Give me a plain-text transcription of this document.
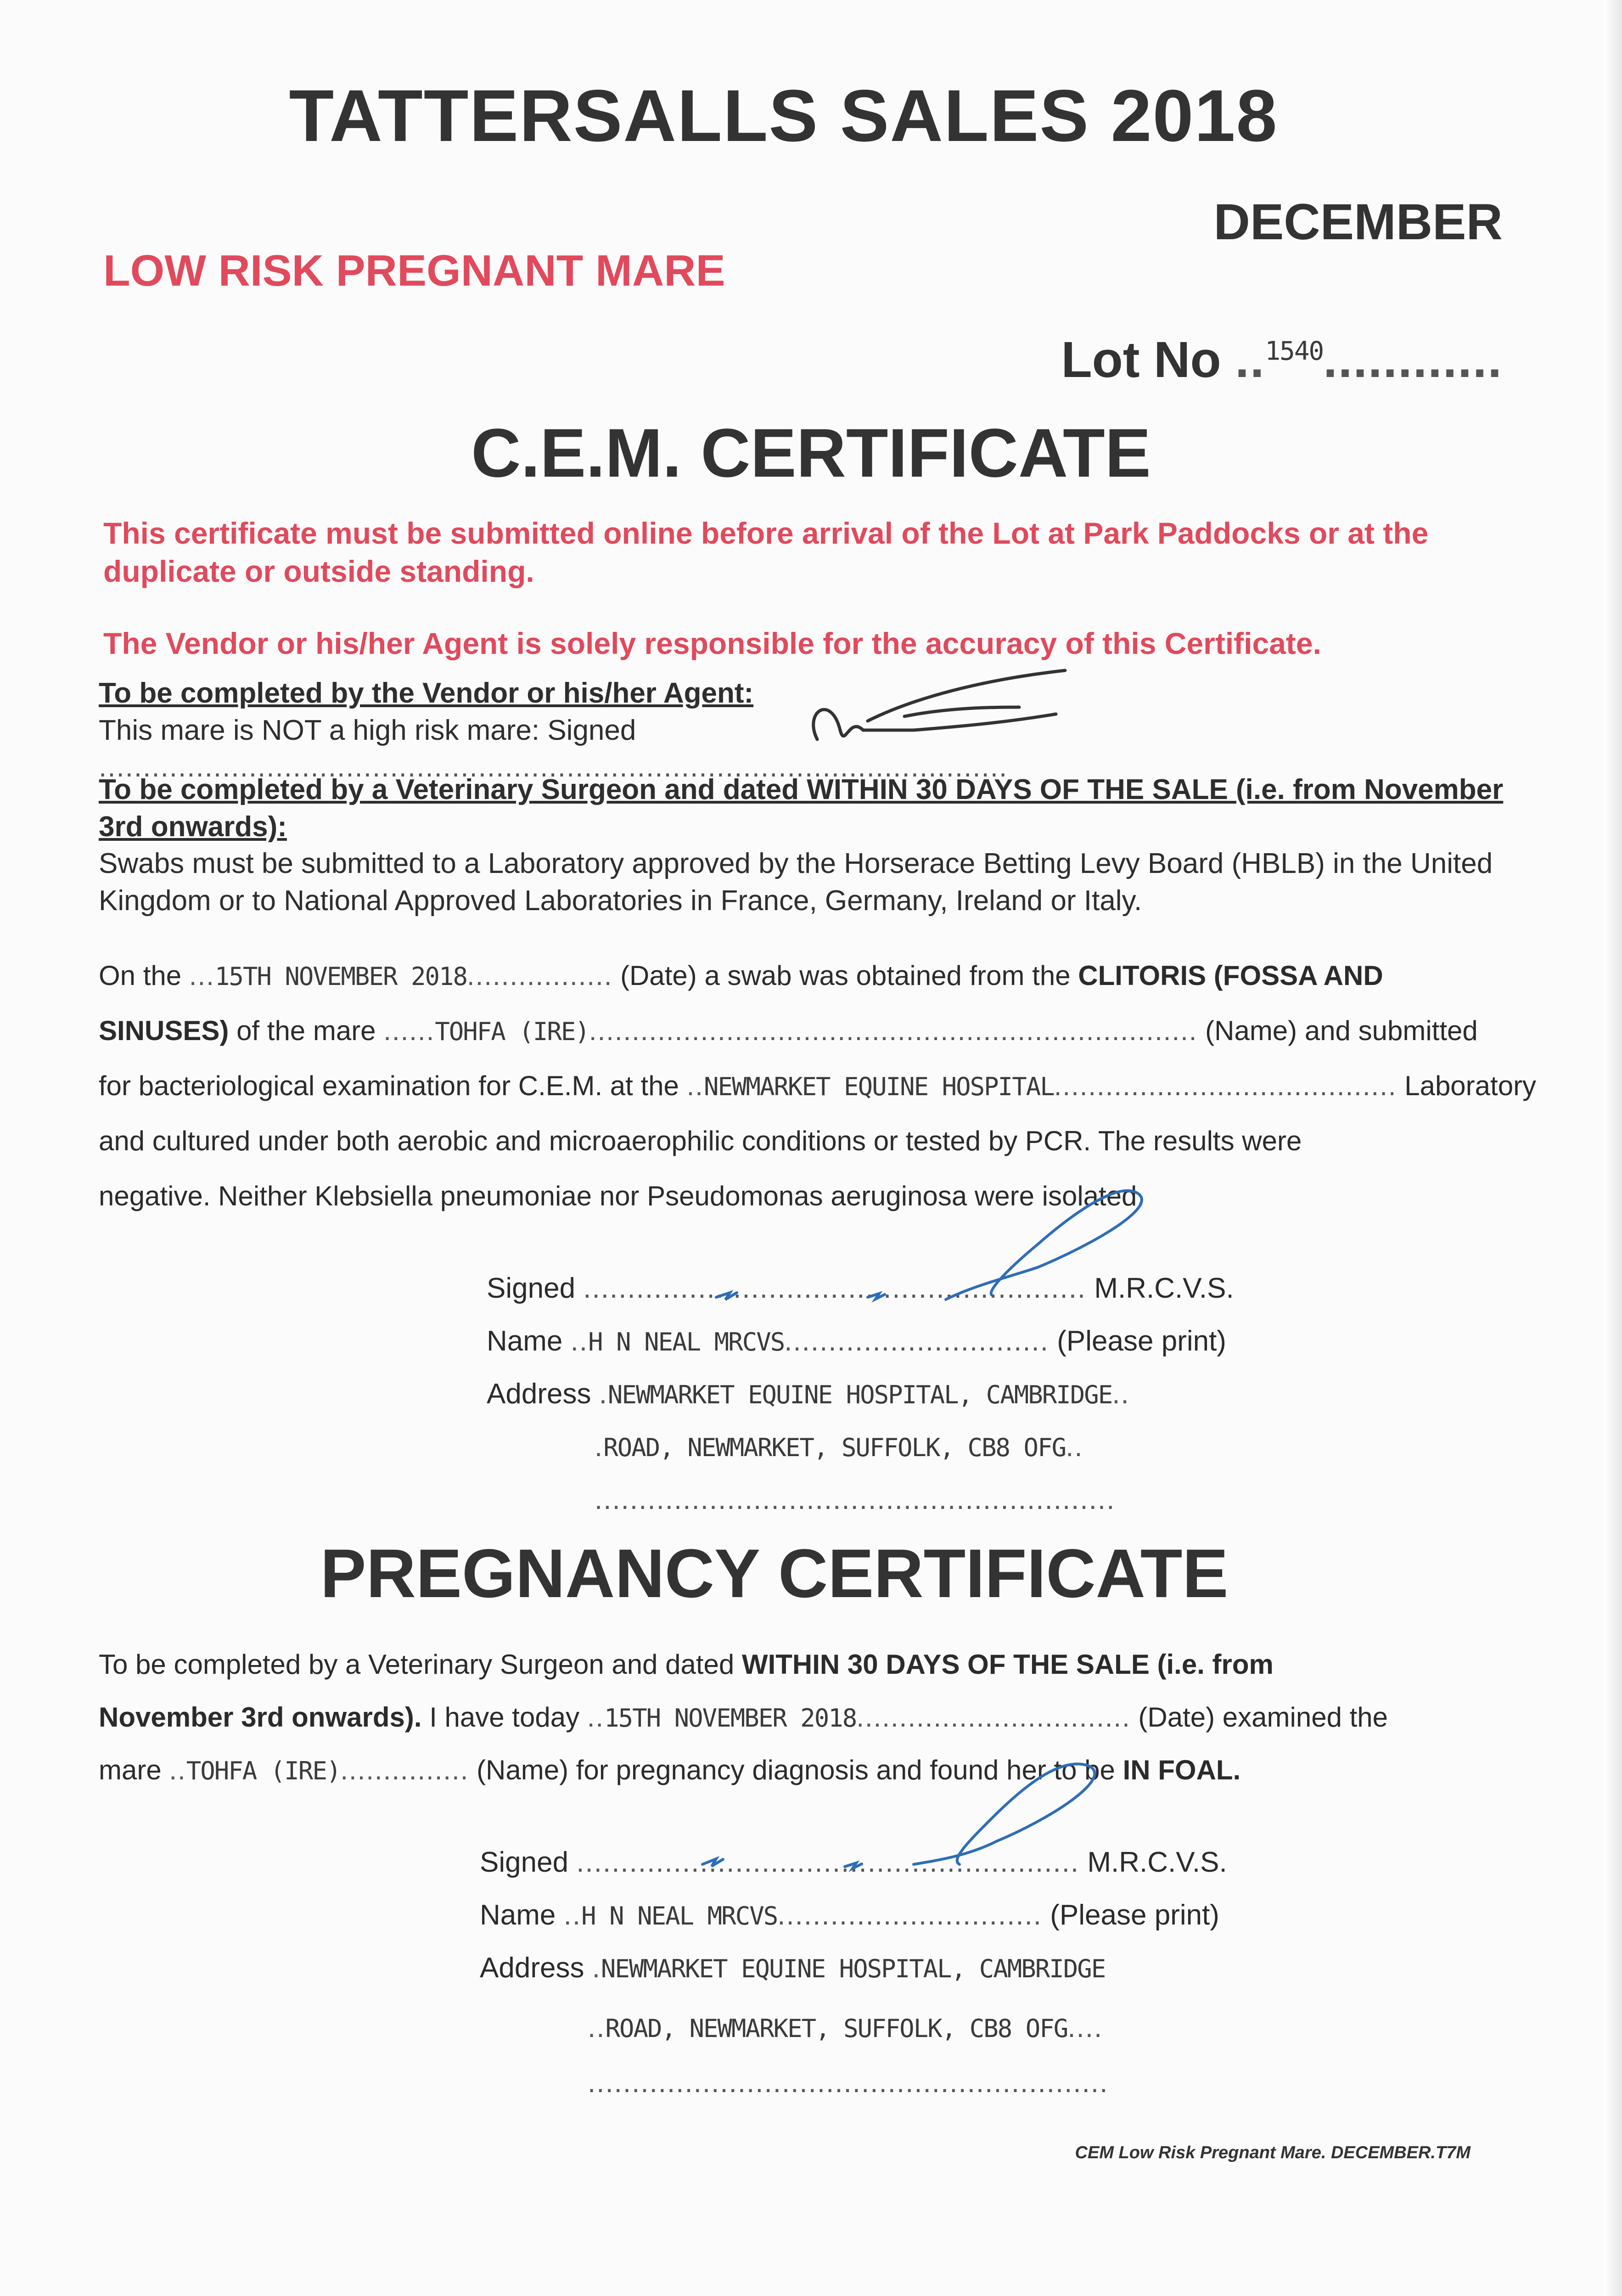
TATTERSALLS SALES 2018
DECEMBER
LOW RISK PREGNANT MARE
Lot No ..$^{1540}$............
C.E.M. CERTIFICATE
This certificate must be submitted online before arrival of the Lot at Park Paddocks or at the duplicate or outside standing.
The Vendor or his/her Agent is solely responsible for the accuracy of this Certificate.
To be completed by the Vendor or his/her Agent:
This mare is NOT a high risk mare: Signed .......................................................................................................
To be completed by a Veterinary Surgeon and dated WITHIN 30 DAYS OF THE SALE (i.e. from November 3rd onwards):
Swabs must be submitted to a Laboratory approved by the Horserace Betting Levy Board (HBLB) in the United Kingdom or to National Approved Laboratories in France, Germany, Ireland or Italy.
On the ...15TH NOVEMBER 2018................. (Date) a swab was obtained from the CLITORIS (FOSSA AND
SINUSES) of the mare ......TOHFA (IRE)....................................................................... (Name) and submitted
for bacteriological examination for C.E.M. at the ..NEWMARKET EQUINE HOSPITAL........................................ Laboratory
and cultured under both aerobic and microaerophilic conditions or tested by PCR. The results were
negative. Neither Klebsiella pneumoniae nor Pseudomonas aeruginosa were isolated.
Signed ......................................................... M.R.C.V.S.
Name ..H N NEAL MRCVS.............................. (Please print)
Address .NEWMARKET EQUINE HOSPITAL, CAMBRIDGE..
.ROAD, NEWMARKET, SUFFOLK, CB8 OFG..
...........................................................
PREGNANCY CERTIFICATE
To be completed by a Veterinary Surgeon and dated WITHIN 30 DAYS OF THE SALE (i.e. from
November 3rd onwards). I have today ..15TH NOVEMBER 2018................................ (Date) examined the
mare ..TOHFA (IRE)............... (Name) for pregnancy diagnosis and found her to be IN FOAL.
Signed ......................................................... M.R.C.V.S.
Name ..H N NEAL MRCVS.............................. (Please print)
Address .NEWMARKET EQUINE HOSPITAL, CAMBRIDGE
..ROAD, NEWMARKET, SUFFOLK, CB8 OFG....
...........................................................
CEM Low Risk Pregnant Mare. DECEMBER.T7M
